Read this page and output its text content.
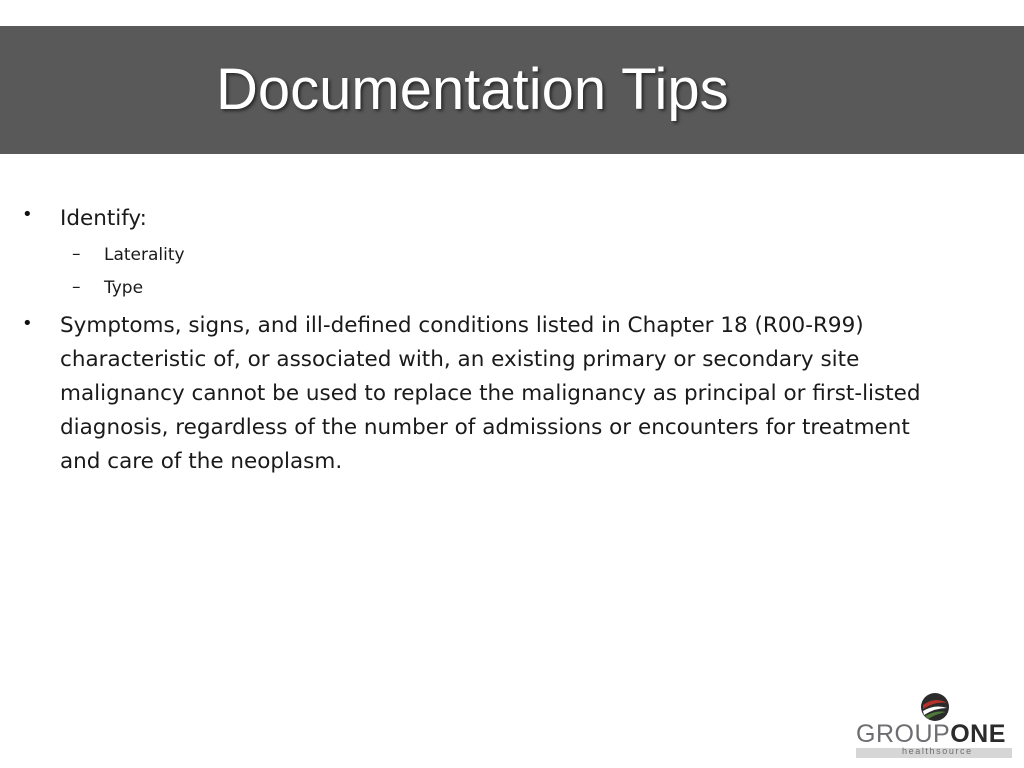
Documentation Tips
• Identify:
– Laterality
– Type
• Symptoms, signs, and ill-defined conditions listed in Chapter 18 (R00-R99) characteristic of, or associated with, an existing primary or secondary site malignancy cannot be used to replace the malignancy as principal or first-listed diagnosis, regardless of the number of admissions or encounters for treatment and care of the neoplasm.
GROUPONE
healthsource
